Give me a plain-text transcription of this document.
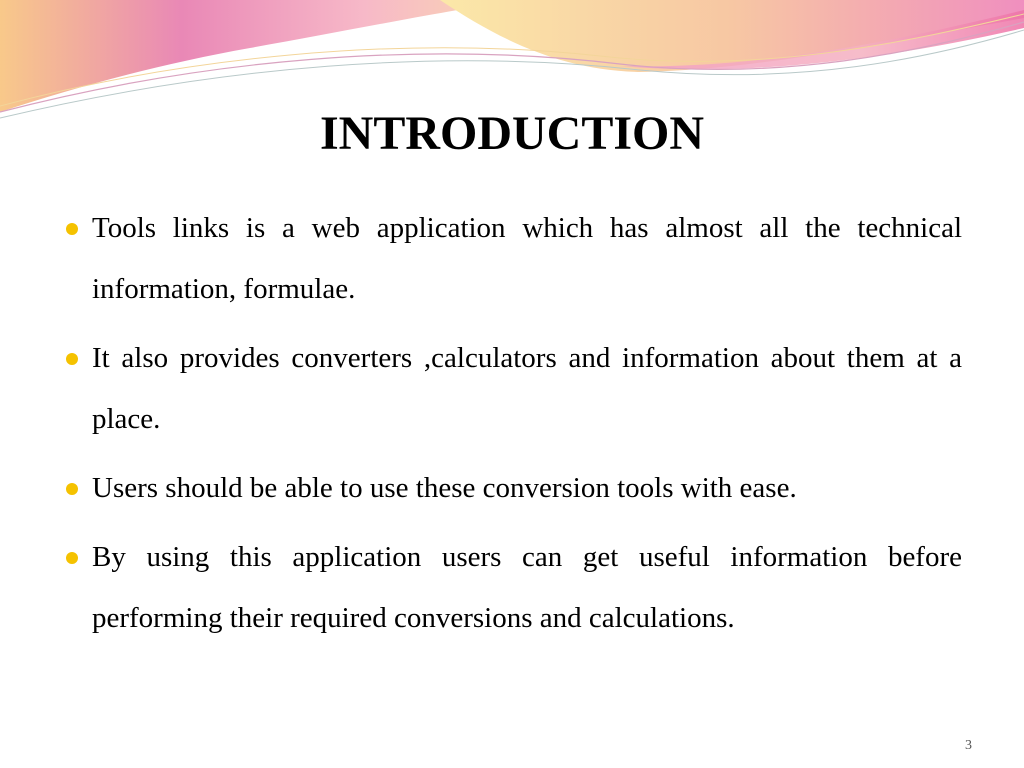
INTRODUCTION
Tools links is a web application which has almost all the technical information, formulae.
It also provides converters ,calculators and information about them at a place.
Users should be able to use these conversion tools with ease.
By using this application users can get useful information before performing their required conversions and calculations.
3
